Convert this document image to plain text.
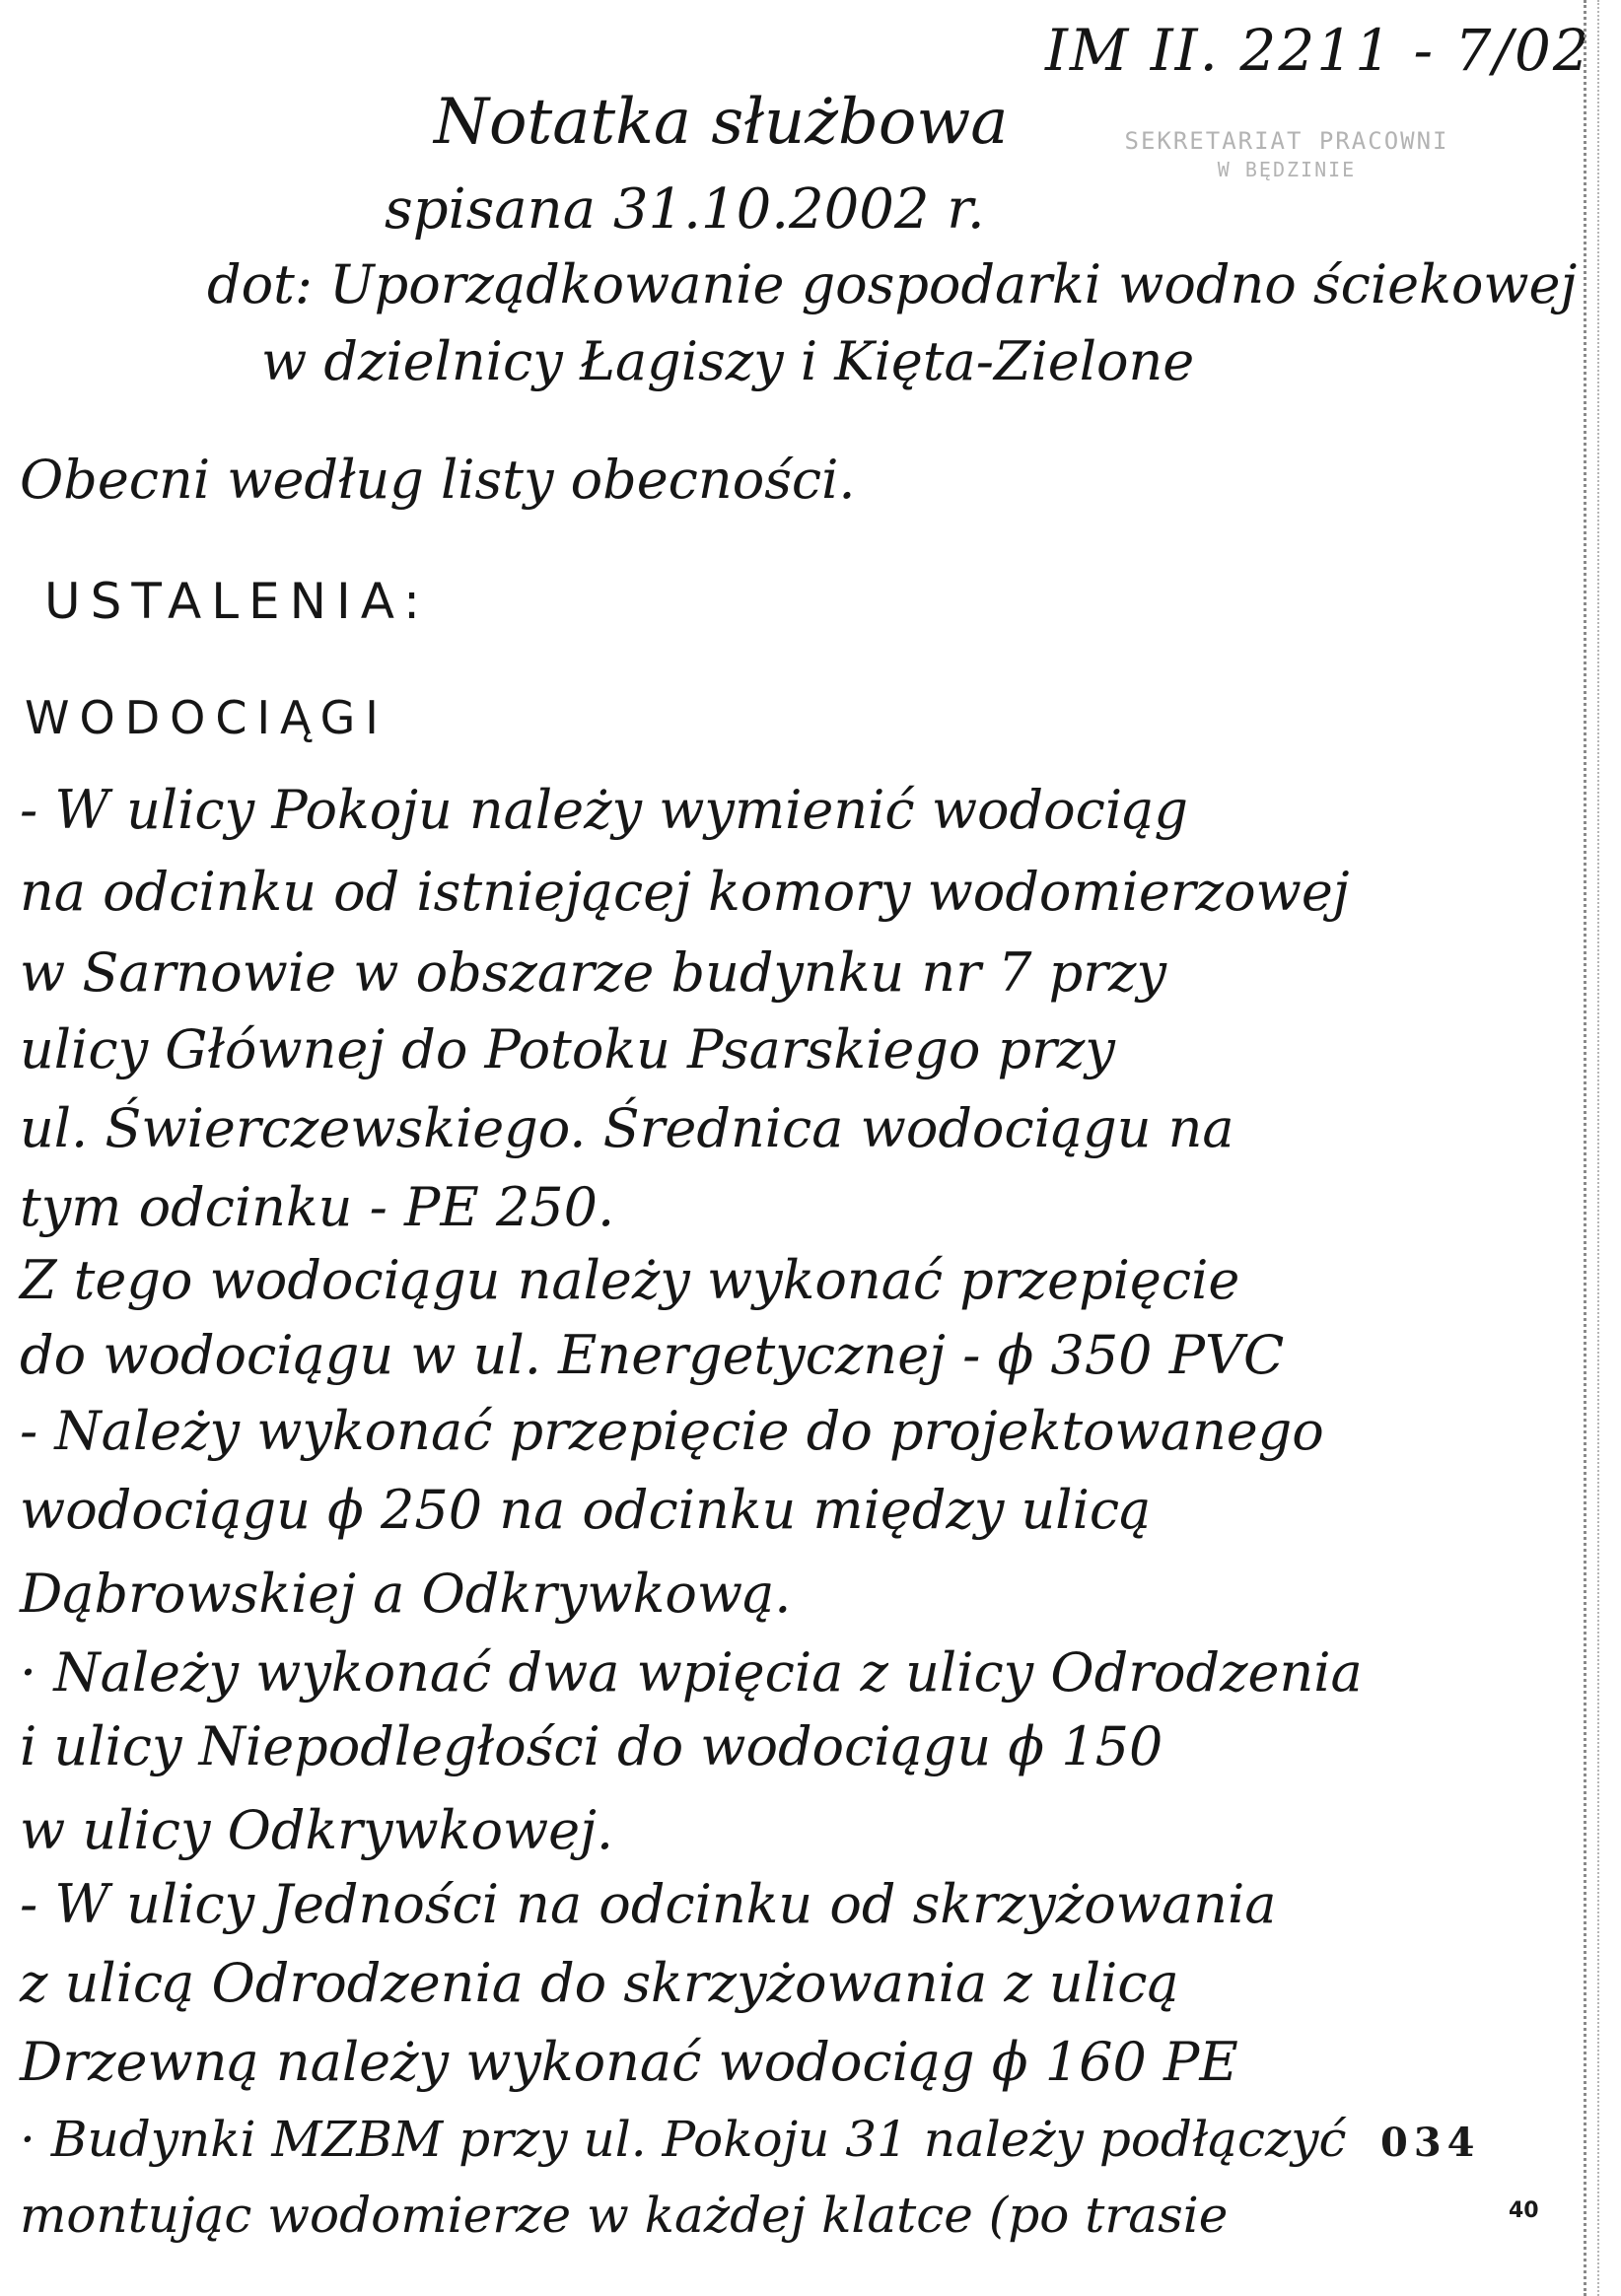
IM II. 2211 - 7/02
Notatka służbowa	SEKRETARIAT PRACOWNI
W BĘDZINIE
spisana 31.10.2002 r.
dot: Uporządkowanie gospodarki wodno ściekowej
w dzielnicy Łagiszy i Kięta-Zielone
Obecni według listy obecności.
USTALENIA:
WODOCIĄGI
- W ulicy Pokoju należy wymienić wodociąg
na odcinku od istniejącej komory wodomierzowej
w Sarnowie w obszarze budynku nr 7 przy
ulicy Głównej do Potoku Psarskiego przy
ul. Świerczewskiego. Średnica wodociągu na
tym odcinku - PE 250.
Z tego wodociągu należy wykonać przepięcie
do wodociągu w ul. Energetycznej - ϕ 350 PVC
- Należy wykonać przepięcie do projektowanego
wodociągu ϕ 250 na odcinku między ulicą
Dąbrowskiej a Odkrywkową.
· Należy wykonać dwa wpięcia z ulicy Odrodzenia
i ulicy Niepodległości do wodociągu ϕ 150
w ulicy Odkrywkowej.
- W ulicy Jedności na odcinku od skrzyżowania
z ulicą Odrodzenia do skrzyżowania z ulicą
Drzewną należy wykonać wodociąg ϕ 160 PE
· Budynki MZBM przy ul. Pokoju 31 należy podłączyć
montując wodomierze w każdej klatce (po trasie
034
40
